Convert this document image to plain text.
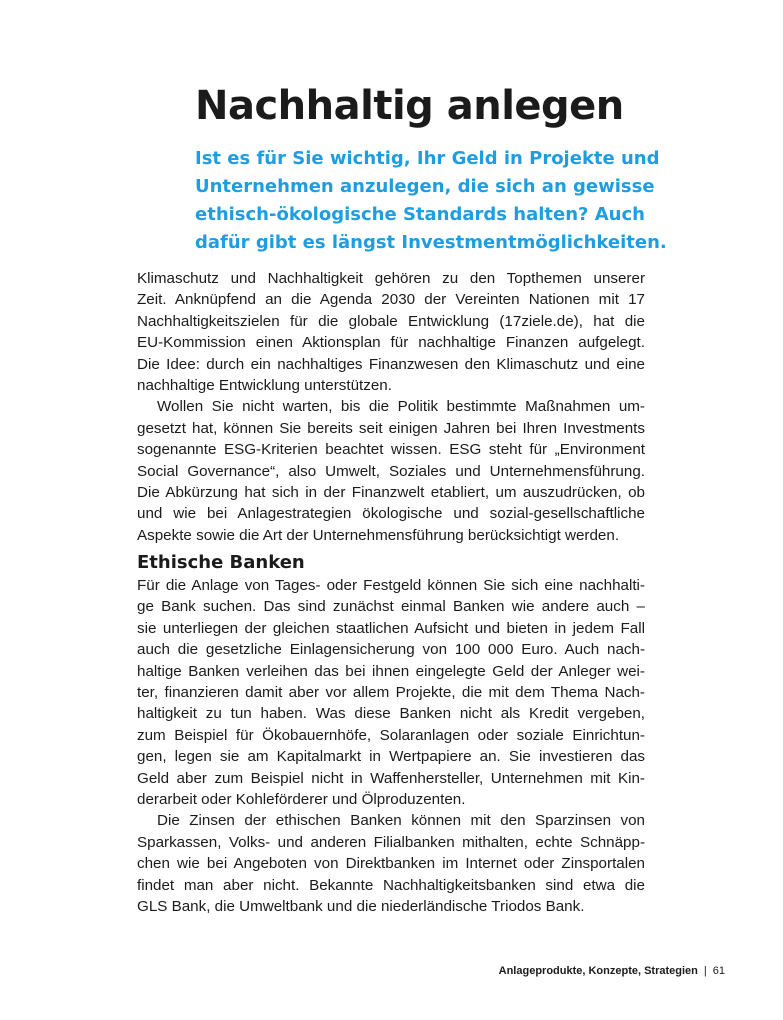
Nachhaltig anlegen
Ist es für Sie wichtig, Ihr Geld in Projekte und
Unternehmen anzulegen, die sich an gewisse
ethisch-ökologische Standards halten? Auch
dafür gibt es längst Investmentmöglichkeiten.

Klimaschutz und Nachhaltigkeit gehören zu den Topthemen unserer
Zeit. Anknüpfend an die Agenda 2030 der Vereinten Nationen mit 17
Nachhaltigkeitszielen für die globale Entwicklung (17ziele.de), hat die
EU-Kommission einen Aktionsplan für nachhaltige Finanzen aufgelegt.
Die Idee: durch ein nachhaltiges Finanzwesen den Klimaschutz und eine
nachhaltige Entwicklung unterstützen.

Wollen Sie nicht warten, bis die Politik bestimmte Maßnahmen um-
gesetzt hat, können Sie bereits seit einigen Jahren bei Ihren Investments
sogenannte ESG-Kriterien beachtet wissen. ESG steht für „Environment
Social Governance“, also Umwelt, Soziales und Unternehmensführung.
Die Abkürzung hat sich in der Finanzwelt etabliert, um auszudrücken, ob
und wie bei Anlagestrategien ökologische und sozial-gesellschaftliche
Aspekte sowie die Art der Unternehmensführung berücksichtigt werden.

Ethische Banken

Für die Anlage von Tages- oder Festgeld können Sie sich eine nachhalti-
ge Bank suchen. Das sind zunächst einmal Banken wie andere auch –
sie unterliegen der gleichen staatlichen Aufsicht und bieten in jedem Fall
auch die gesetzliche Einlagensicherung von 100 000 Euro. Auch nach-
haltige Banken verleihen das bei ihnen eingelegte Geld der Anleger wei-
ter, finanzieren damit aber vor allem Projekte, die mit dem Thema Nach-
haltigkeit zu tun haben. Was diese Banken nicht als Kredit vergeben,
zum Beispiel für Ökobauernhöfe, Solaranlagen oder soziale Einrichtun-
gen, legen sie am Kapitalmarkt in Wertpapiere an. Sie investieren das
Geld aber zum Beispiel nicht in Waffenhersteller, Unternehmen mit Kin-
derarbeit oder Kohleförderer und Ölproduzenten.

Die Zinsen der ethischen Banken können mit den Sparzinsen von
Sparkassen, Volks- und anderen Filialbanken mithalten, echte Schnäpp-
chen wie bei Angeboten von Direktbanken im Internet oder Zinsportalen
findet man aber nicht. Bekannte Nachhaltigkeitsbanken sind etwa die
GLS Bank, die Umweltbank und die niederländische Triodos Bank.

Anlageprodukte, Konzepte, Strategien | 61
